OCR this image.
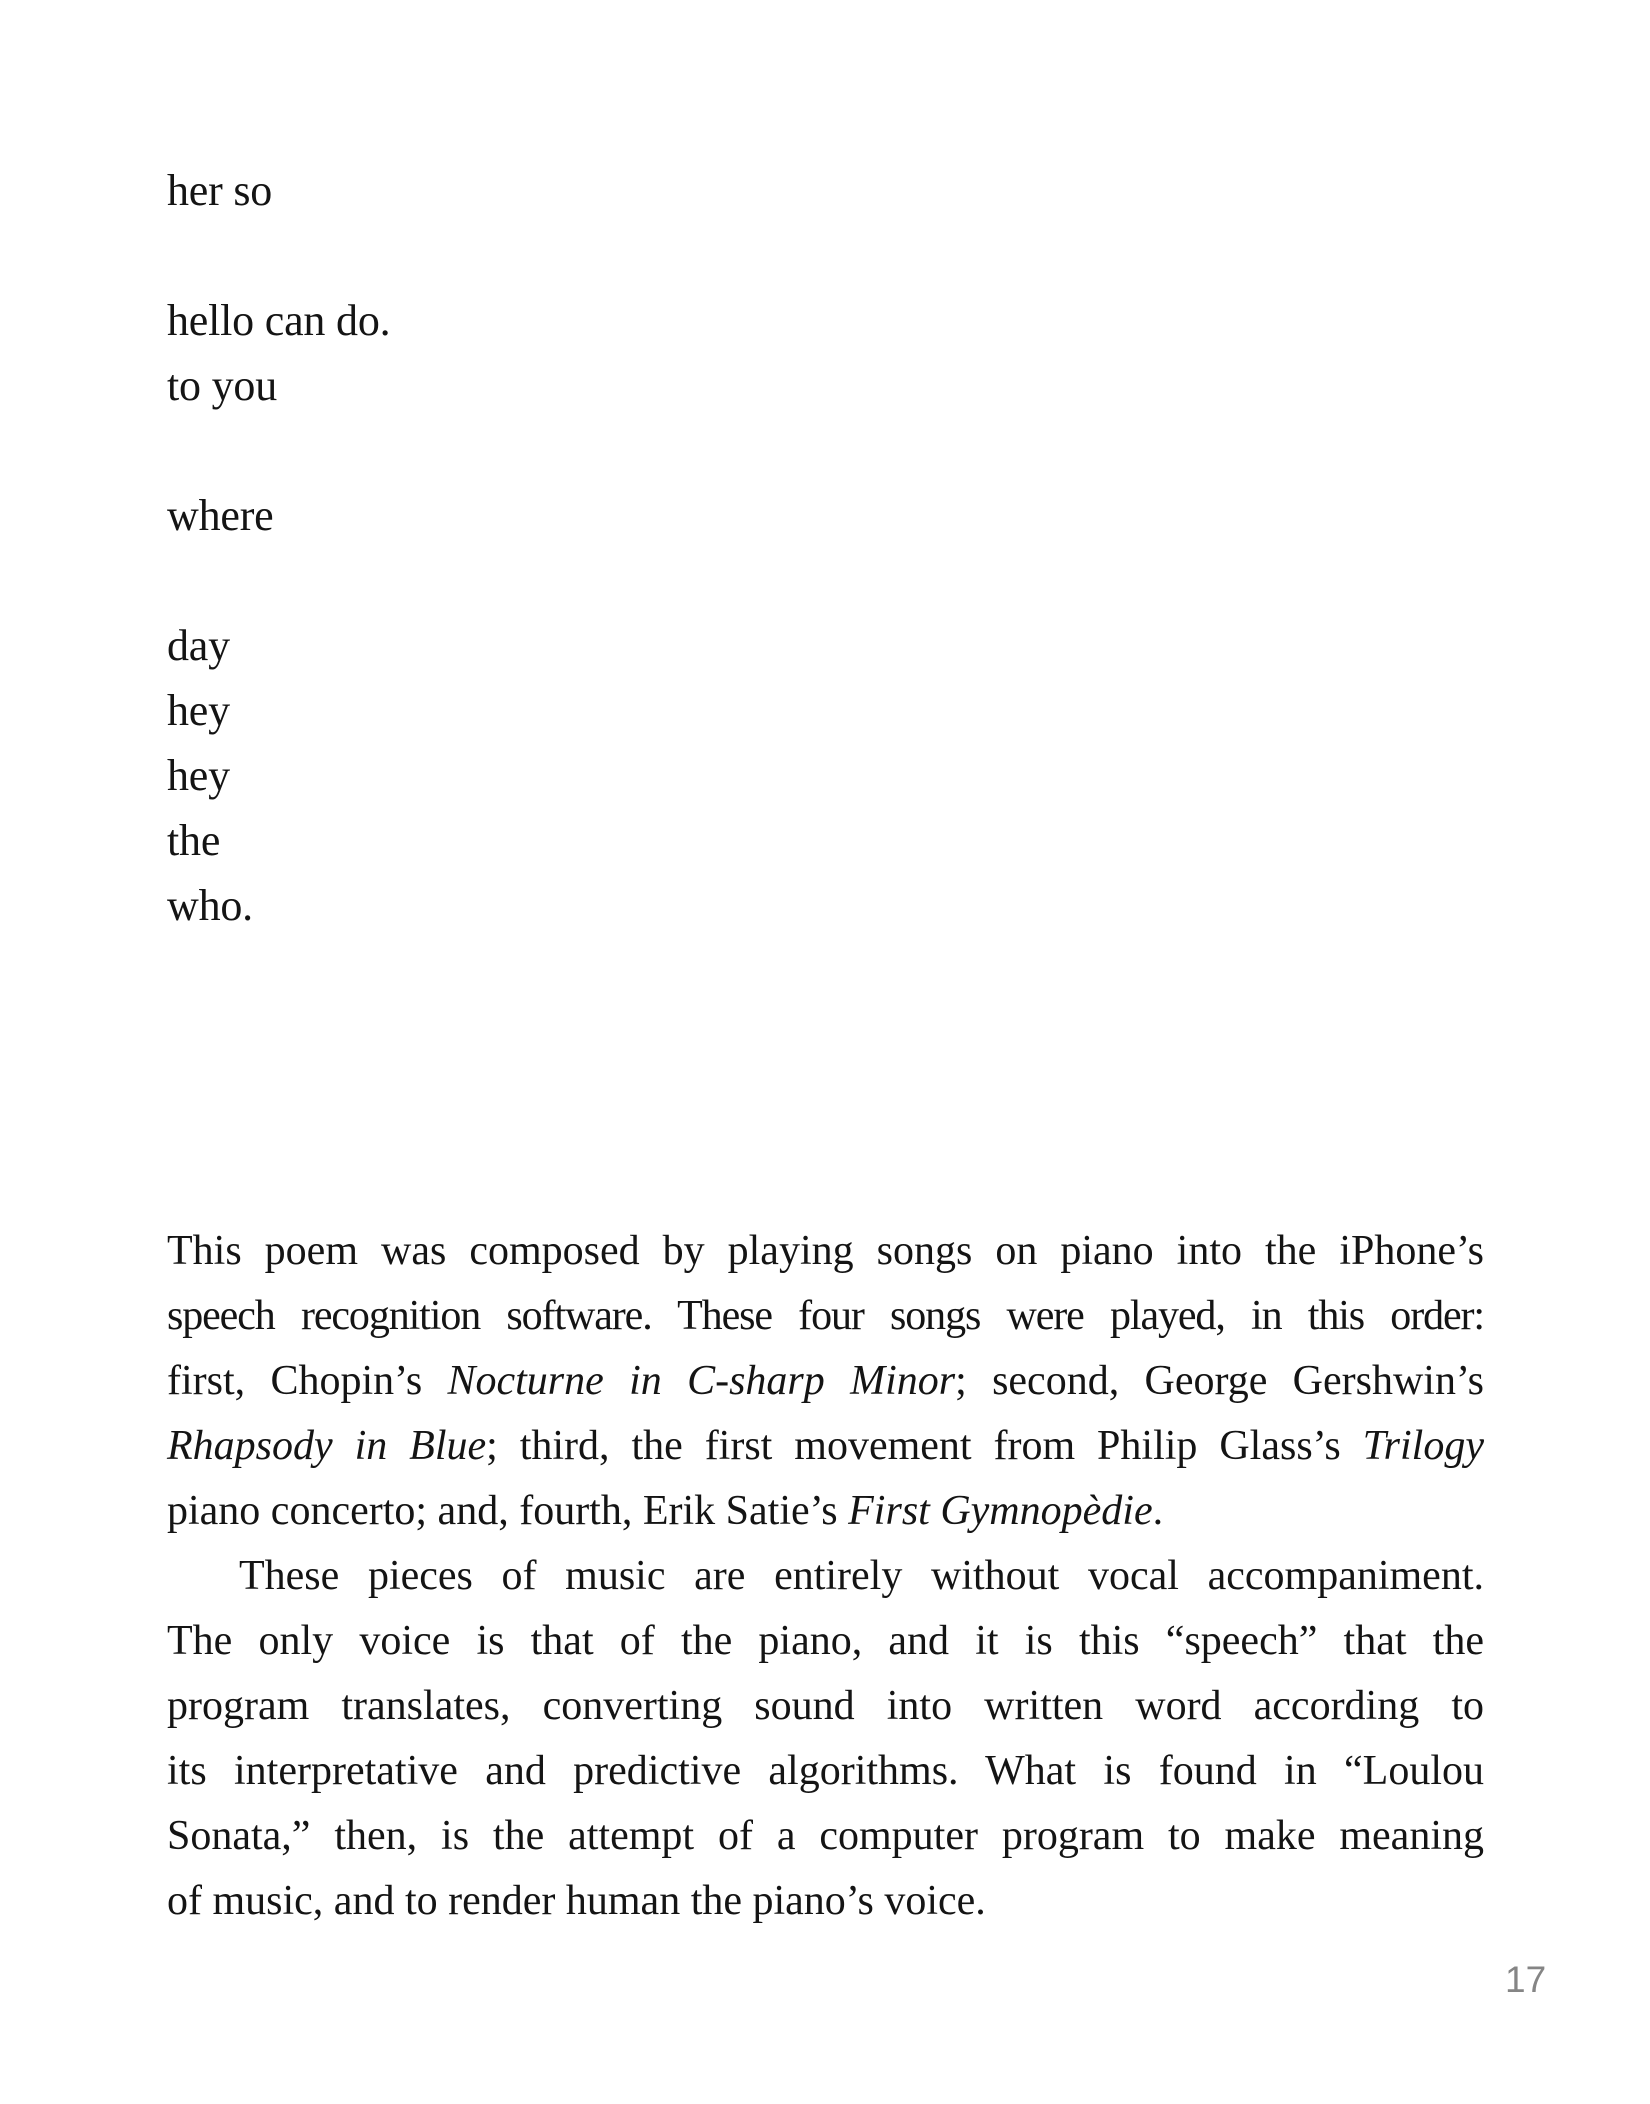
her so

hello can do.
to you

where

day
hey
hey
the
who.
This poem was composed by playing songs on piano into the iPhone’s
speech recognition software. These four songs were played, in this order:
first, Chopin’s Nocturne in C-sharp Minor; second, George Gershwin’s
Rhapsody in Blue; third, the first movement from Philip Glass’s Trilogy
piano concerto; and, fourth, Erik Satie’s First Gymnopèdie.
These pieces of music are entirely without vocal accompaniment.
The only voice is that of the piano, and it is this “speech” that the
program translates, converting sound into written word according to
its interpretative and predictive algorithms. What is found in “Loulou
Sonata,” then, is the attempt of a computer program to make meaning
of music, and to render human the piano’s voice.
17
